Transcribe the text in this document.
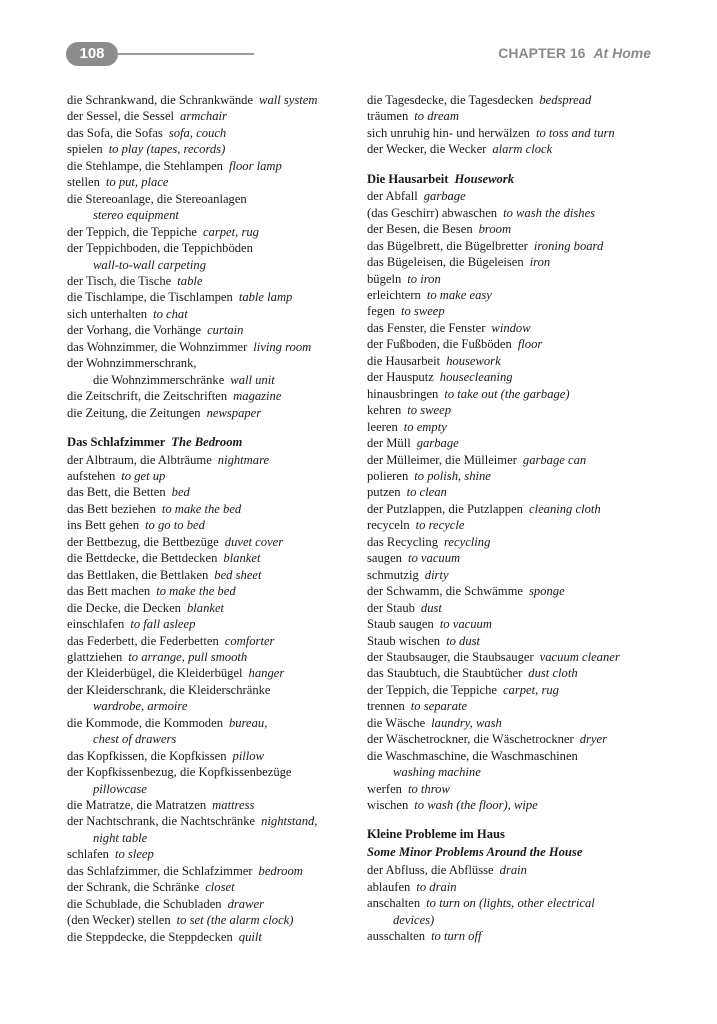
108	CHAPTER 16 At Home
die Schrankwand, die Schrankwände wall system
der Sessel, die Sessel armchair
das Sofa, die Sofas sofa, couch
spielen to play (tapes, records)
die Stehlampe, die Stehlampen floor lamp
stellen to put, place
die Stereoanlage, die Stereoanlagen
stereo equipment
der Teppich, die Teppiche carpet, rug
der Teppichboden, die Teppichböden
wall-to-wall carpeting
der Tisch, die Tische table
die Tischlampe, die Tischlampen table lamp
sich unterhalten to chat
der Vorhang, die Vorhänge curtain
das Wohnzimmer, die Wohnzimmer living room
der Wohnzimmerschrank,
die Wohnzimmerschränke wall unit
die Zeitschrift, die Zeitschriften magazine
die Zeitung, die Zeitungen newspaper
Das Schlafzimmer The Bedroom
der Albtraum, die Albträume nightmare
aufstehen to get up
das Bett, die Betten bed
das Bett beziehen to make the bed
ins Bett gehen to go to bed
der Bettbezug, die Bettbezüge duvet cover
die Bettdecke, die Bettdecken blanket
das Bettlaken, die Bettlaken bed sheet
das Bett machen to make the bed
die Decke, die Decken blanket
einschlafen to fall asleep
das Federbett, die Federbetten comforter
glattziehen to arrange, pull smooth
der Kleiderbügel, die Kleiderbügel hanger
der Kleiderschrank, die Kleiderschränke
wardrobe, armoire
die Kommode, die Kommoden bureau,
chest of drawers
das Kopfkissen, die Kopfkissen pillow
der Kopfkissenbezug, die Kopfkissenbezüge
pillowcase
die Matratze, die Matratzen mattress
der Nachtschrank, die Nachtschränke nightstand,
night table
schlafen to sleep
das Schlafzimmer, die Schlafzimmer bedroom
der Schrank, die Schränke closet
die Schublade, die Schubladen drawer
(den Wecker) stellen to set (the alarm clock)
die Steppdecke, die Steppdecken quilt
die Tagesdecke, die Tagesdecken bedspread
träumen to dream
sich unruhig hin- und herwälzen to toss and turn
der Wecker, die Wecker alarm clock
Die Hausarbeit Housework
der Abfall garbage
(das Geschirr) abwaschen to wash the dishes
der Besen, die Besen broom
das Bügelbrett, die Bügelbretter ironing board
das Bügeleisen, die Bügeleisen iron
bügeln to iron
erleichtern to make easy
fegen to sweep
das Fenster, die Fenster window
der Fußboden, die Fußböden floor
die Hausarbeit housework
der Hausputz housecleaning
hinausbringen to take out (the garbage)
kehren to sweep
leeren to empty
der Müll garbage
der Mülleimer, die Mülleimer garbage can
polieren to polish, shine
putzen to clean
der Putzlappen, die Putzlappen cleaning cloth
recyceln to recycle
das Recycling recycling
saugen to vacuum
schmutzig dirty
der Schwamm, die Schwämme sponge
der Staub dust
Staub saugen to vacuum
Staub wischen to dust
der Staubsauger, die Staubsauger vacuum cleaner
das Staubtuch, die Staubtücher dust cloth
der Teppich, die Teppiche carpet, rug
trennen to separate
die Wäsche laundry, wash
der Wäschetrockner, die Wäschetrockner dryer
die Waschmaschine, die Waschmaschinen
washing machine
werfen to throw
wischen to wash (the floor), wipe
Kleine Probleme im Haus
Some Minor Problems Around the House
der Abfluss, die Abflüsse drain
ablaufen to drain
anschalten to turn on (lights, other electrical
devices)
ausschalten to turn off
